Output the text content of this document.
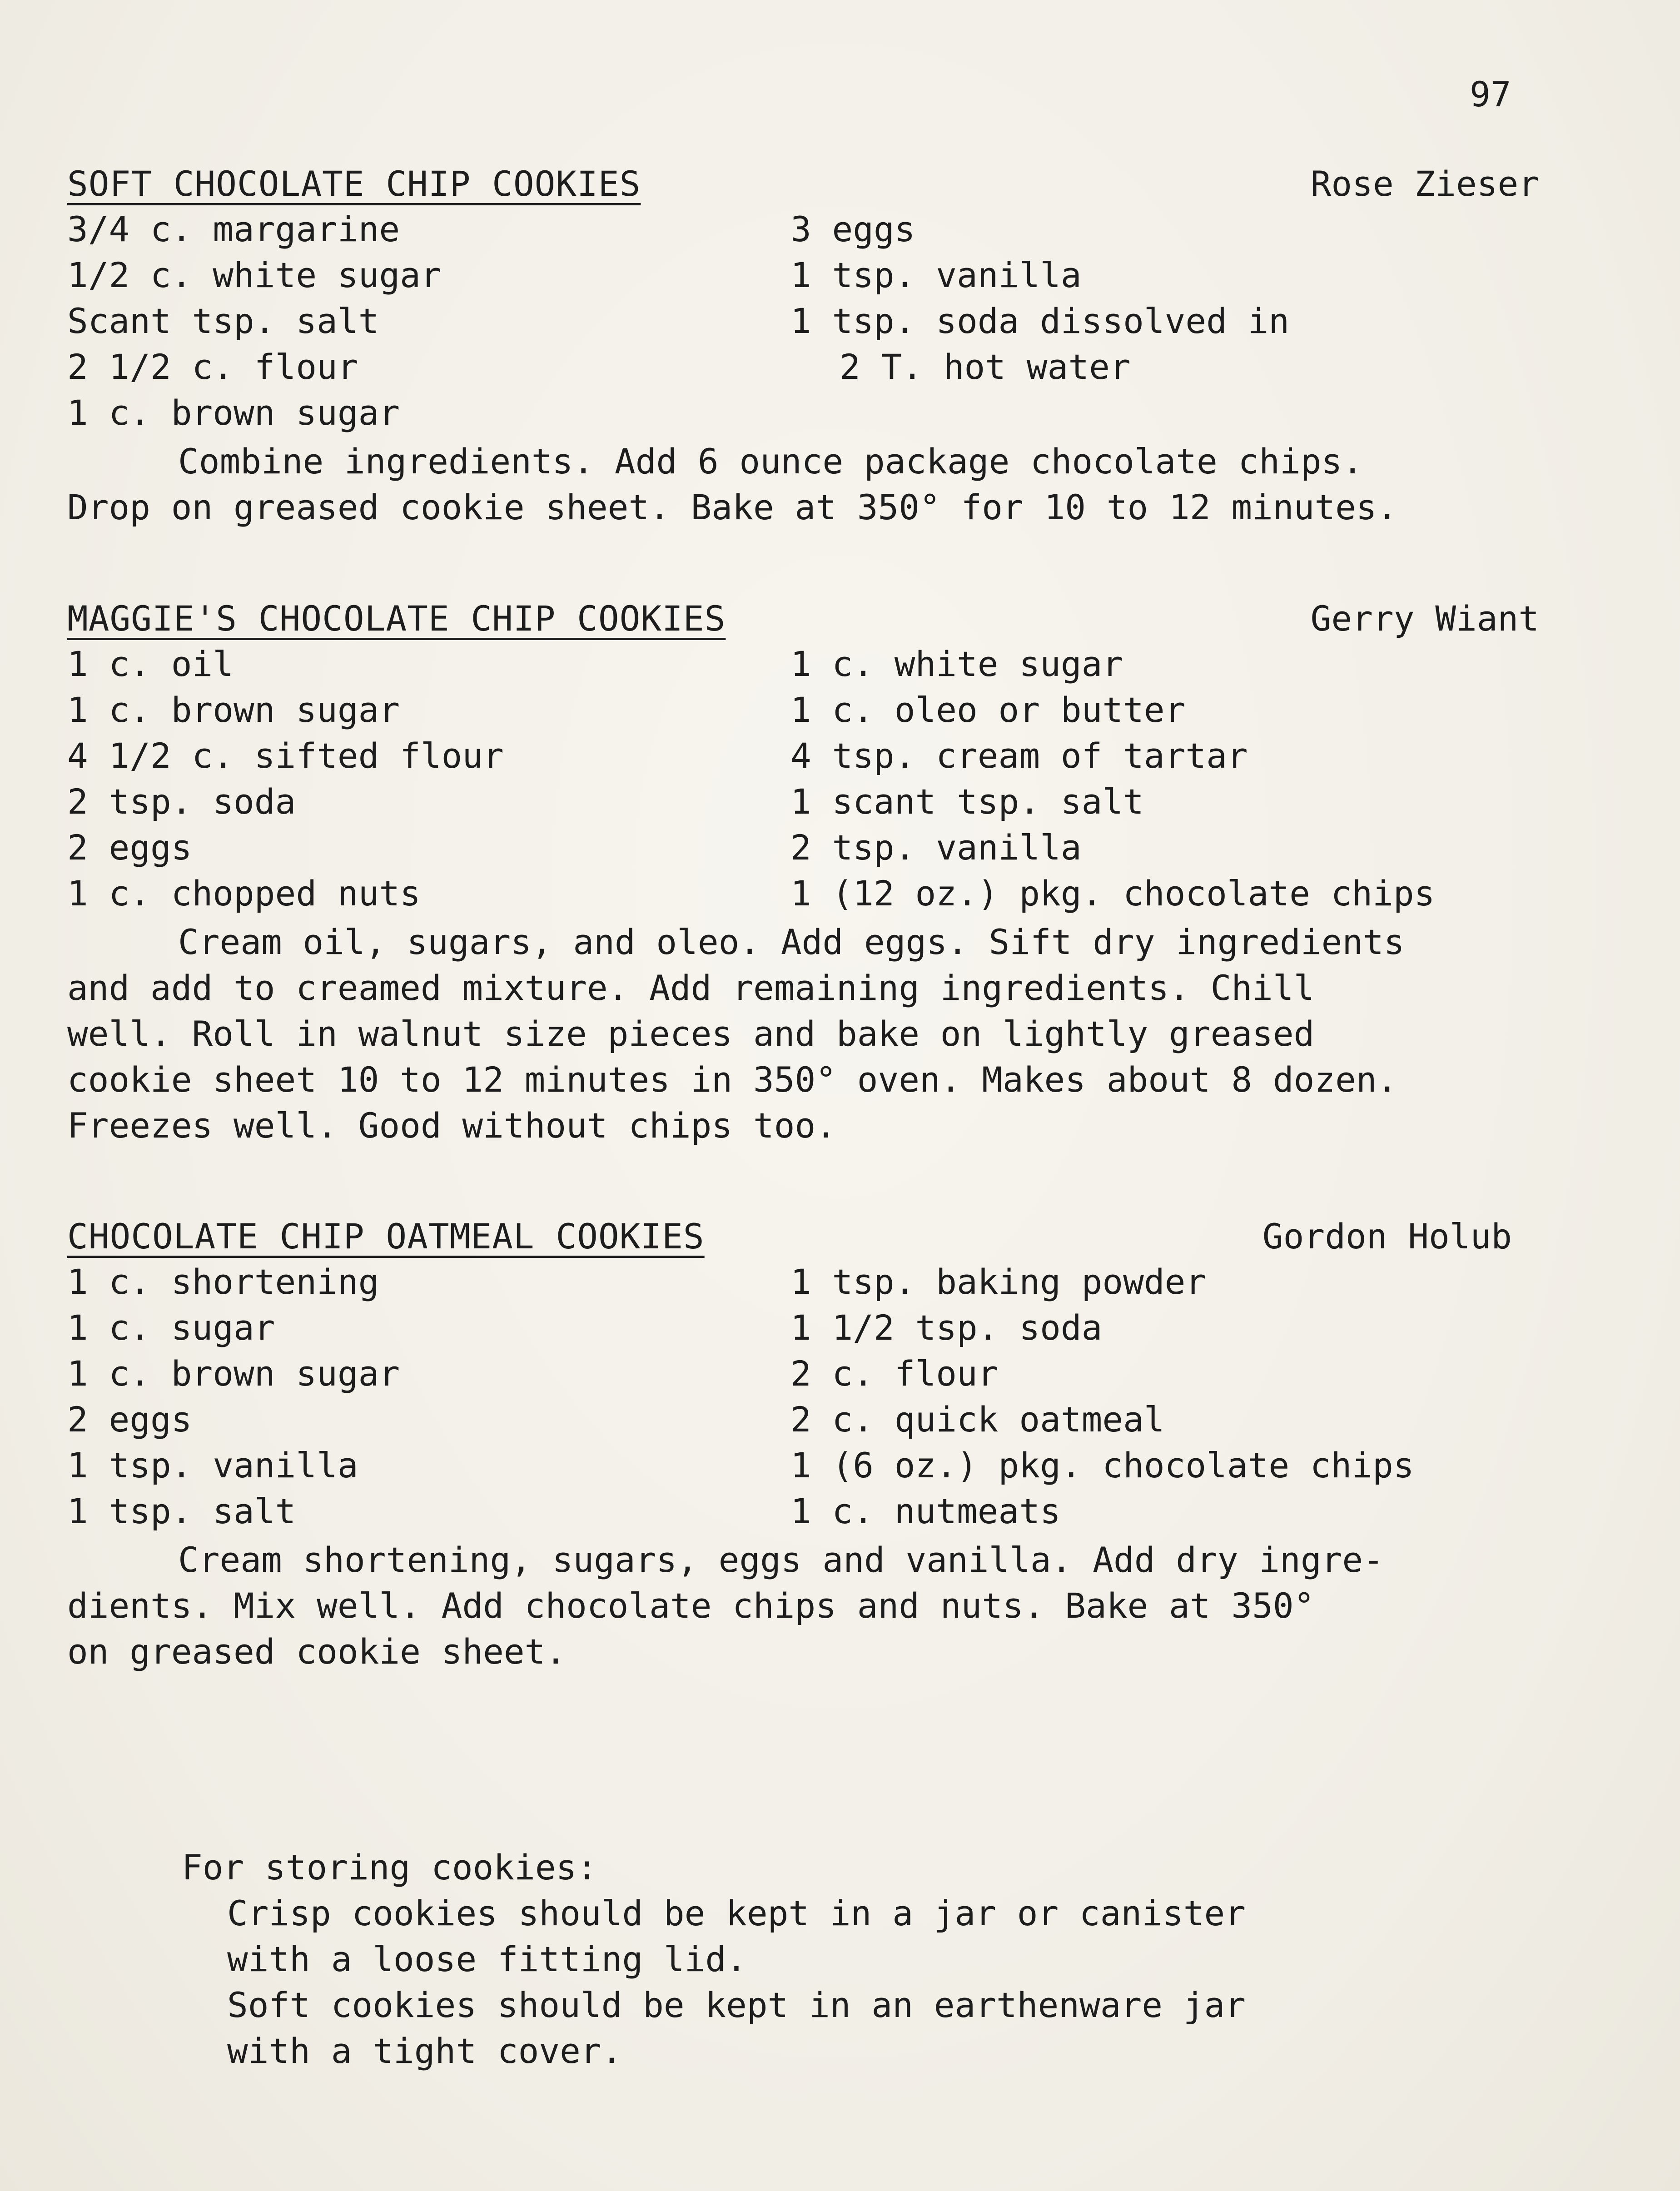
97
SOFT CHOCOLATE CHIP COOKIES	Rose Zieser
3/4 c. margarine	3 eggs
1/2 c. white sugar	1 tsp. vanilla
Scant tsp. salt	1 tsp. soda dissolved in
2 1/2 c. flour	2 T. hot water
1 c. brown sugar
Combine ingredients. Add 6 ounce package chocolate chips.
Drop on greased cookie sheet. Bake at 350° for 10 to 12 minutes.
MAGGIE'S CHOCOLATE CHIP COOKIES	Gerry Wiant
1 c. oil	1 c. white sugar
1 c. brown sugar	1 c. oleo or butter
4 1/2 c. sifted flour	4 tsp. cream of tartar
2 tsp. soda	1 scant tsp. salt
2 eggs	2 tsp. vanilla
1 c. chopped nuts	1 (12 oz.) pkg. chocolate chips
Cream oil, sugars, and oleo. Add eggs. Sift dry ingredients
and add to creamed mixture. Add remaining ingredients. Chill
well. Roll in walnut size pieces and bake on lightly greased
cookie sheet 10 to 12 minutes in 350° oven. Makes about 8 dozen.
Freezes well. Good without chips too.
CHOCOLATE CHIP OATMEAL COOKIES	Gordon Holub
1 c. shortening	1 tsp. baking powder
1 c. sugar	1 1/2 tsp. soda
1 c. brown sugar	2 c. flour
2 eggs	2 c. quick oatmeal
1 tsp. vanilla	1 (6 oz.) pkg. chocolate chips
1 tsp. salt	1 c. nutmeats
Cream shortening, sugars, eggs and vanilla. Add dry ingre-
dients. Mix well. Add chocolate chips and nuts. Bake at 350°
on greased cookie sheet.
For storing cookies:
Crisp cookies should be kept in a jar or canister
with a loose fitting lid.
Soft cookies should be kept in an earthenware jar
with a tight cover.
